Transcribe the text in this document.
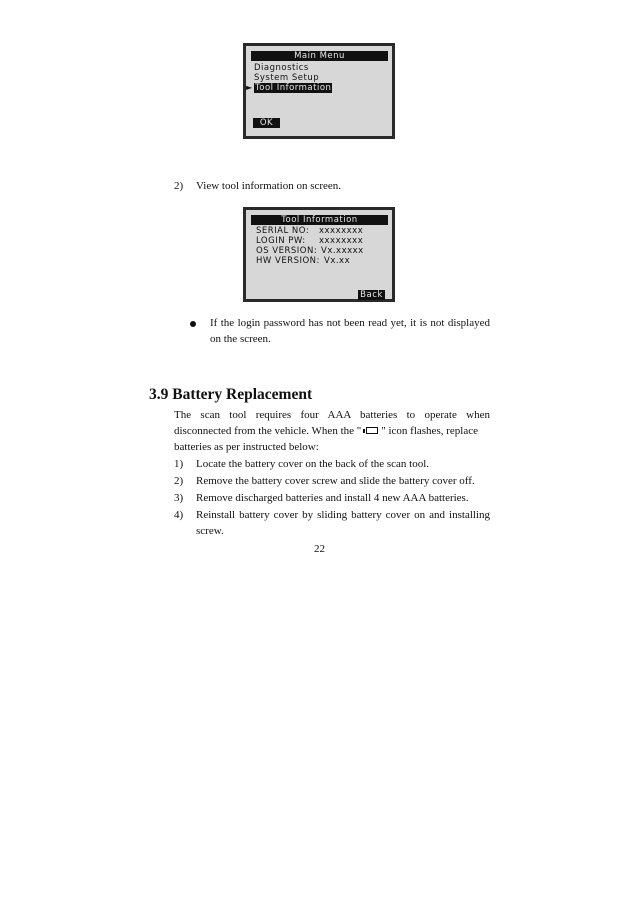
Main Menu
Diagnostics
System Setup
► Tool Information
OK
2) View tool information on screen.
Tool Information
SERIAL NO: xxxxxxxx
LOGIN PW: xxxxxxxx
OS VERSION: Vx.xxxxx
HW VERSION: Vx.xx
Back
If the login password has not been read yet, it is not displayed
on the screen.
3.9 Battery Replacement
The scan tool requires four AAA batteries to operate when
disconnected from the vehicle. When the " " icon flashes, replace
batteries as per instructed below:
1) Locate the battery cover on the back of the scan tool.
2) Remove the battery cover screw and slide the battery cover off.
3) Remove discharged batteries and install 4 new AAA batteries.
4) Reinstall battery cover by sliding battery cover on and installing
screw.
22
